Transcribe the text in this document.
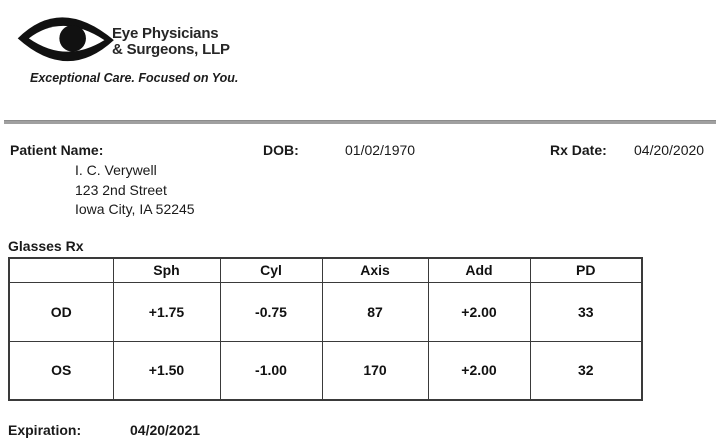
Eye Physicians
& Surgeons, LLP
Exceptional Care. Focused on You.
Patient Name:	DOB:	01/02/1970	Rx Date: 04/20/2020
I. C. Verywell
123 2nd Street
Iowa City, IA 52245
Glasses Rx
	Sph	Cyl	Axis	Add	PD
OD	+1.75	-0.75	87	+2.00	33
OS	+1.50	-1.00	170	+2.00	32
Expiration:	04/20/2021
